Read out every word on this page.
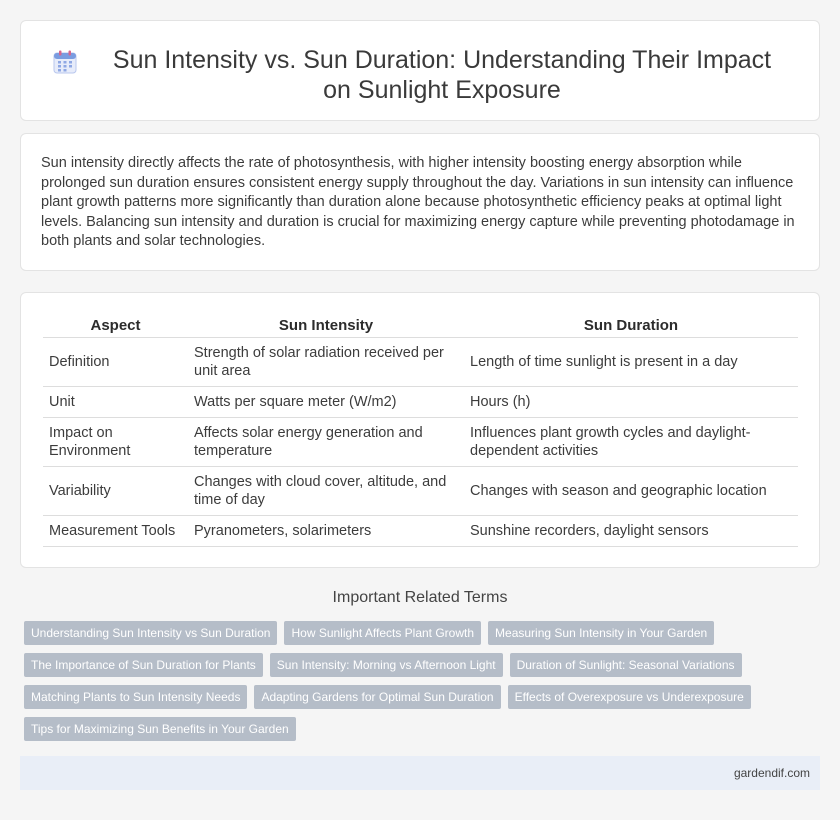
Sun Intensity vs. Sun Duration: Understanding Their Impact on Sunlight Exposure

Sun intensity directly affects the rate of photosynthesis, with higher intensity boosting energy absorption while prolonged sun duration ensures consistent energy supply throughout the day. Variations in sun intensity can influence plant growth patterns more significantly than duration alone because photosynthetic efficiency peaks at optimal light levels. Balancing sun intensity and duration is crucial for maximizing energy capture while preventing photodamage in both plants and solar technologies.

Aspect	Sun Intensity	Sun Duration
Definition	Strength of solar radiation received per unit area	Length of time sunlight is present in a day
Unit	Watts per square meter (W/m2)	Hours (h)
Impact on Environment	Affects solar energy generation and temperature	Influences plant growth cycles and daylight-dependent activities
Variability	Changes with cloud cover, altitude, and time of day	Changes with season and geographic location
Measurement Tools	Pyranometers, solarimeters	Sunshine recorders, daylight sensors
Important Related Terms
Understanding Sun Intensity vs Sun Duration	How Sunlight Affects Plant Growth	Measuring Sun Intensity in Your Garden
The Importance of Sun Duration for Plants	Sun Intensity: Morning vs Afternoon Light	Duration of Sunlight: Seasonal Variations
Matching Plants to Sun Intensity Needs	Adapting Gardens for Optimal Sun Duration	Effects of Overexposure vs Underexposure
Tips for Maximizing Sun Benefits in Your Garden
gardendif.com
